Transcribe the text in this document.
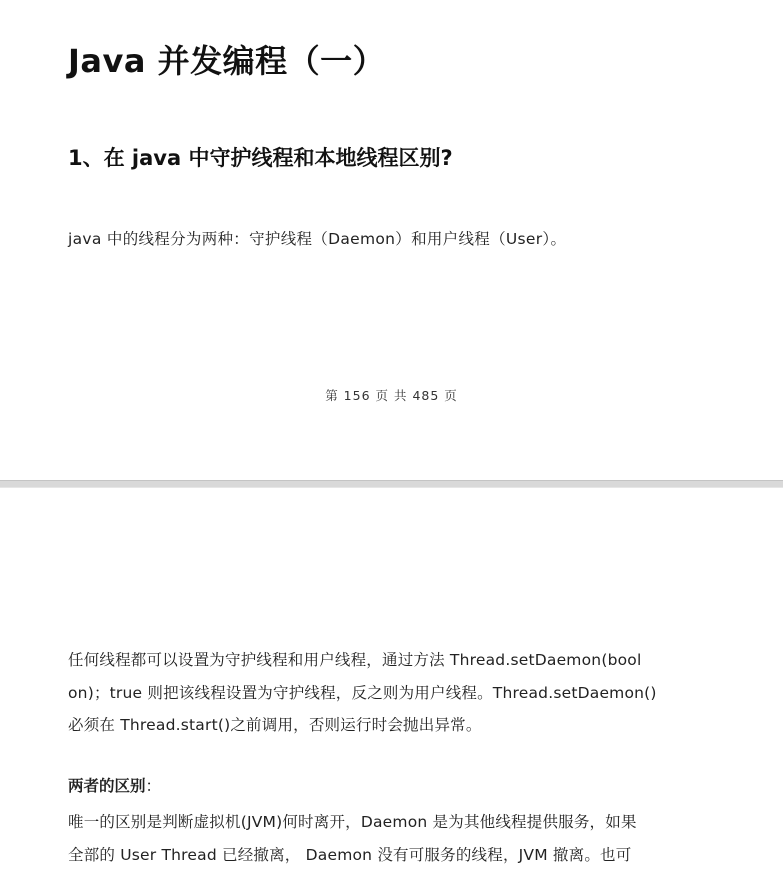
Java 并发编程（一）
1、在 java 中守护线程和本地线程区别?

java 中的线程分为两种：守护线程（Daemon）和用户线程（User）。

第 156 页 共 485 页

任何线程都可以设置为守护线程和用户线程，通过方法 Thread.setDaemon(bool
on)；true 则把该线程设置为守护线程，反之则为用户线程。Thread.setDaemon()
必须在 Thread.start()之前调用，否则运行时会抛出异常。

两者的区别：

唯一的区别是判断虚拟机(JVM)何时离开，Daemon 是为其他线程提供服务，如果
全部的 User Thread 已经撤离， Daemon 没有可服务的线程，JVM 撤离。也可
